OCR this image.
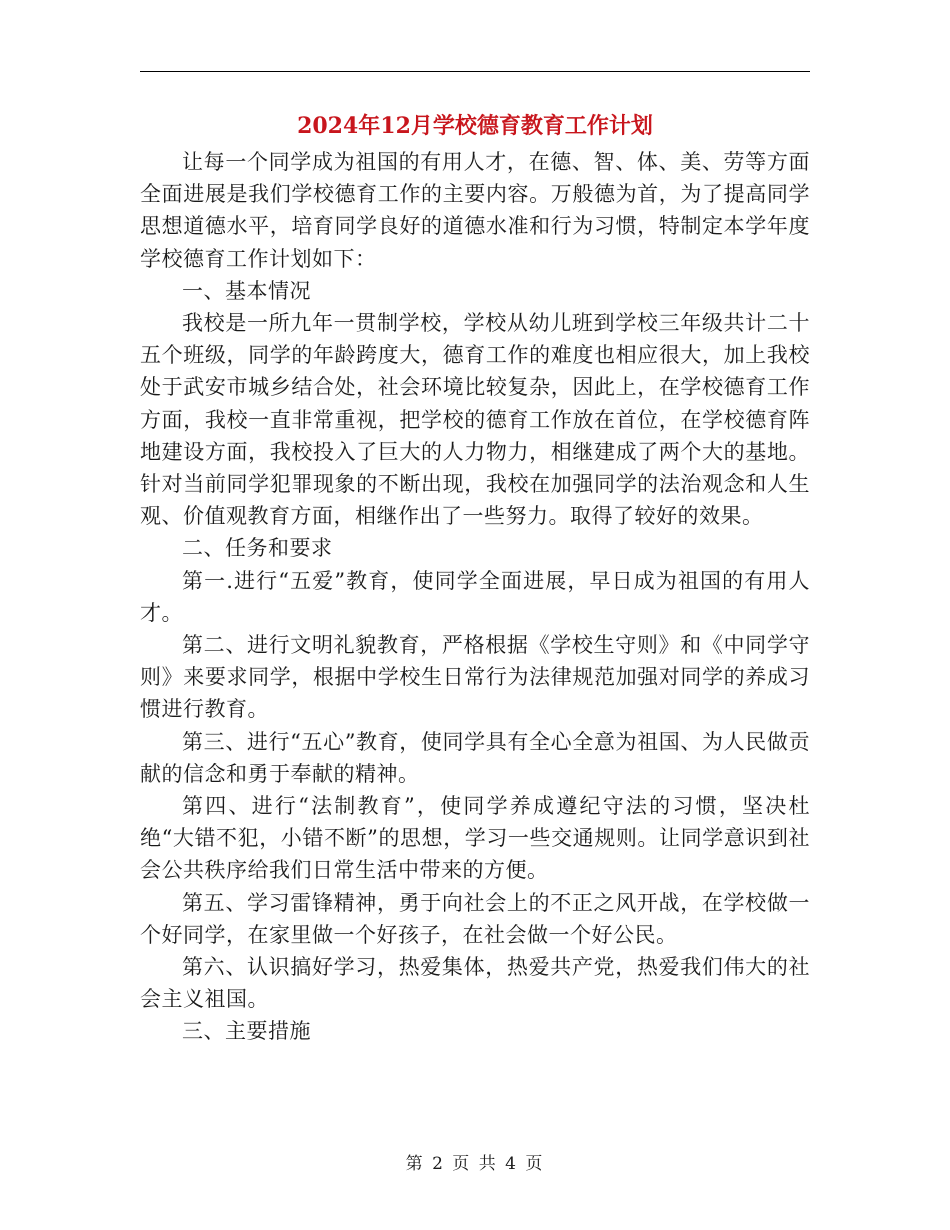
2024年12月学校德育教育工作计划

让每一个同学成为祖国的有用人才，在德、智、体、美、劳等方面全面进展是我们学校德育工作的主要内容。万般德为首，为了提高同学思想道德水平，培育同学良好的道德水准和行为习惯，特制定本学年度学校德育工作计划如下：

一、基本情况

我校是一所九年一贯制学校，学校从幼儿班到学校三年级共计二十五个班级，同学的年龄跨度大，德育工作的难度也相应很大，加上我校处于武安市城乡结合处，社会环境比较复杂，因此上，在学校德育工作方面，我校一直非常重视，把学校的德育工作放在首位，在学校德育阵地建设方面，我校投入了巨大的人力物力，相继建成了两个大的基地。针对当前同学犯罪现象的不断出现，我校在加强同学的法治观念和人生观、价值观教育方面，相继作出了一些努力。取得了较好的效果。

二、任务和要求

第一.进行“五爱”教育，使同学全面进展，早日成为祖国的有用人才。

第二、进行文明礼貌教育，严格根据《学校生守则》和《中同学守则》来要求同学，根据中学校生日常行为法律规范加强对同学的养成习惯进行教育。

第三、进行“五心”教育，使同学具有全心全意为祖国、为人民做贡献的信念和勇于奉献的精神。

第四、进行“法制教育”，使同学养成遵纪守法的习惯，坚决杜绝“大错不犯，小错不断”的思想，学习一些交通规则。让同学意识到社会公共秩序给我们日常生活中带来的方便。

第五、学习雷锋精神，勇于向社会上的不正之风开战，在学校做一个好同学，在家里做一个好孩子，在社会做一个好公民。

第六、认识搞好学习，热爱集体，热爱共产党，热爱我们伟大的社会主义祖国。

三、主要措施

第 2 页 共 4 页
